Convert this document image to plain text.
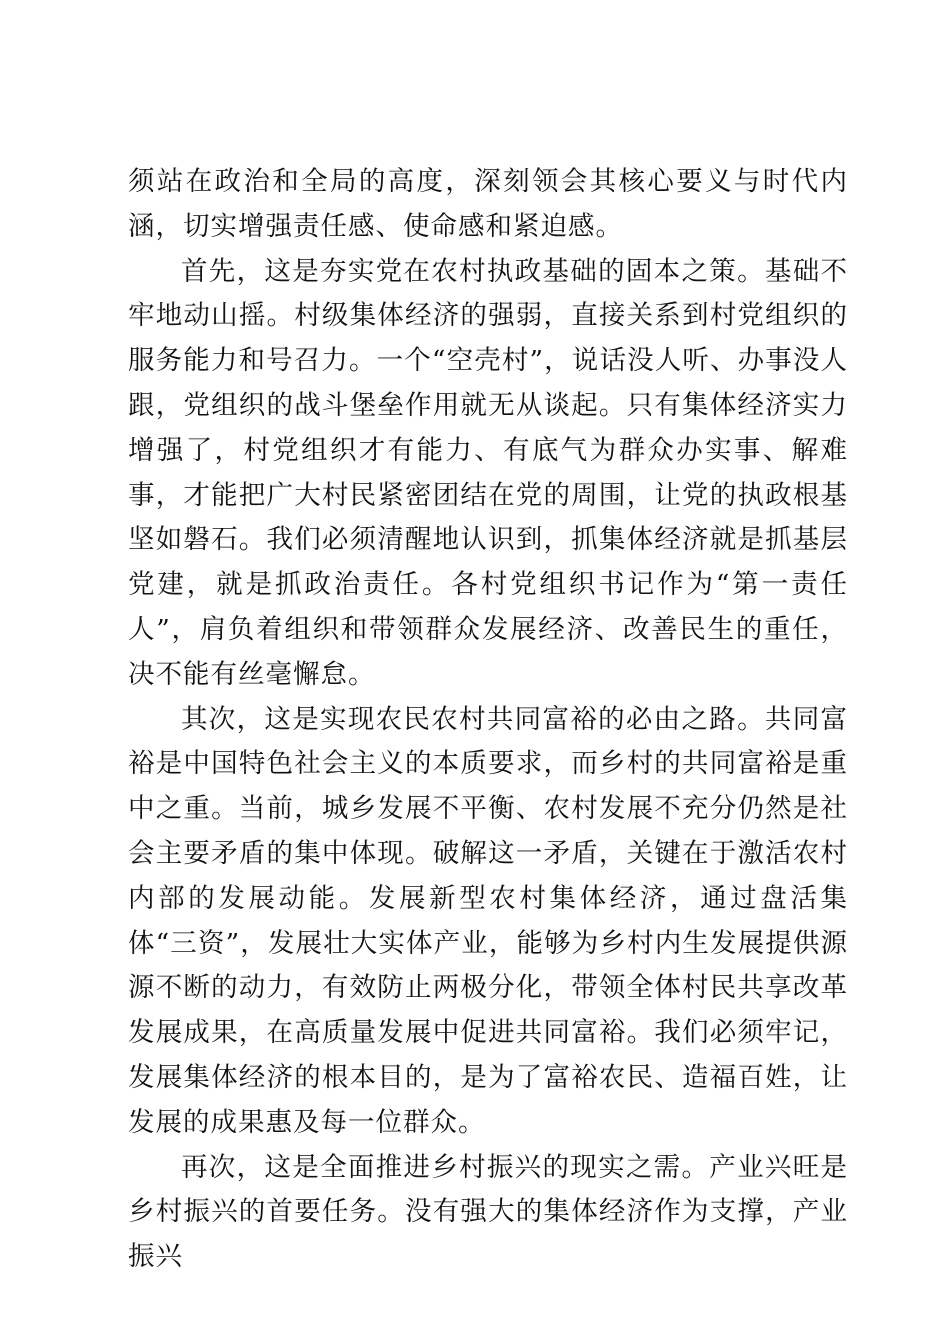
须站在政治和全局的高度，深刻领会其核心要义与时代内涵，切实增强责任感、使命感和紧迫感。

首先，这是夯实党在农村执政基础的固本之策。基础不牢地动山摇。村级集体经济的强弱，直接关系到村党组织的服务能力和号召力。一个“空壳村”，说话没人听、办事没人跟，党组织的战斗堡垒作用就无从谈起。只有集体经济实力增强了，村党组织才有能力、有底气为群众办实事、解难事，才能把广大村民紧密团结在党的周围，让党的执政根基坚如磐石。我们必须清醒地认识到，抓集体经济就是抓基层党建，就是抓政治责任。各村党组织书记作为“第一责任人”，肩负着组织和带领群众发展经济、改善民生的重任，决不能有丝毫懈怠。

其次，这是实现农民农村共同富裕的必由之路。共同富裕是中国特色社会主义的本质要求，而乡村的共同富裕是重中之重。当前，城乡发展不平衡、农村发展不充分仍然是社会主要矛盾的集中体现。破解这一矛盾，关键在于激活农村内部的发展动能。发展新型农村集体经济，通过盘活集体“三资”，发展壮大实体产业，能够为乡村内生发展提供源源不断的动力，有效防止两极分化，带领全体村民共享改革发展成果，在高质量发展中促进共同富裕。我们必须牢记，发展集体经济的根本目的，是为了富裕农民、造福百姓，让发展的成果惠及每一位群众。

再次，这是全面推进乡村振兴的现实之需。产业兴旺是乡村振兴的首要任务。没有强大的集体经济作为支撑，产业振兴
